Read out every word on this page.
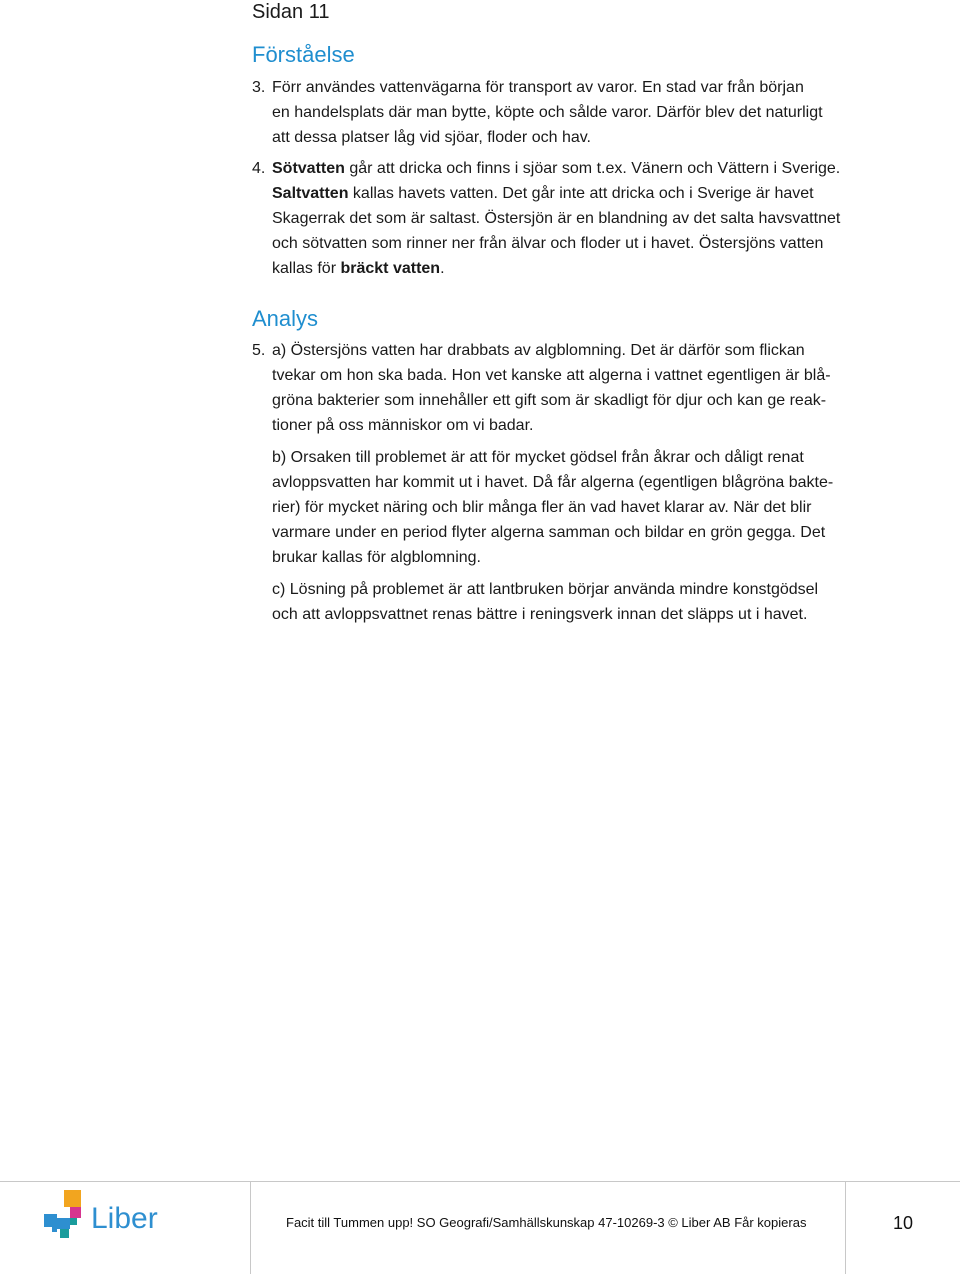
Sidan 11
Förståelse
3. Förr användes vattenvägarna för transport av varor. En stad var från början
en handelsplats där man bytte, köpte och sålde varor. Därför blev det naturligt
att dessa platser låg vid sjöar, floder och hav.
4. Sötvatten går att dricka och finns i sjöar som t.ex. Vänern och Vättern i Sverige.
Saltvatten kallas havets vatten. Det går inte att dricka och i Sverige är havet
Skagerrak det som är saltast. Östersjön är en blandning av det salta havsvattnet
och sötvatten som rinner ner från älvar och floder ut i havet. Östersjöns vatten
kallas för bräckt vatten.
Analys
5. a) Östersjöns vatten har drabbats av algblomning. Det är därför som flickan
tvekar om hon ska bada. Hon vet kanske att algerna i vattnet egentligen är blå-
gröna bakterier som innehåller ett gift som är skadligt för djur och kan ge reak-
tioner på oss människor om vi badar.
b) Orsaken till problemet är att för mycket gödsel från åkrar och dåligt renat
avloppsvatten har kommit ut i havet. Då får algerna (egentligen blågröna bakte-
rier) för mycket näring och blir många fler än vad havet klarar av. När det blir
varmare under en period flyter algerna samman och bildar en grön gegga. Det
brukar kallas för algblomning.
c) Lösning på problemet är att lantbruken börjar använda mindre konstgödsel
och att avloppsvattnet renas bättre i reningsverk innan det släpps ut i havet.
Liber	Facit till Tummen upp! SO Geografi/Samhällskunskap 47-10269-3 © Liber AB Får kopieras	10
